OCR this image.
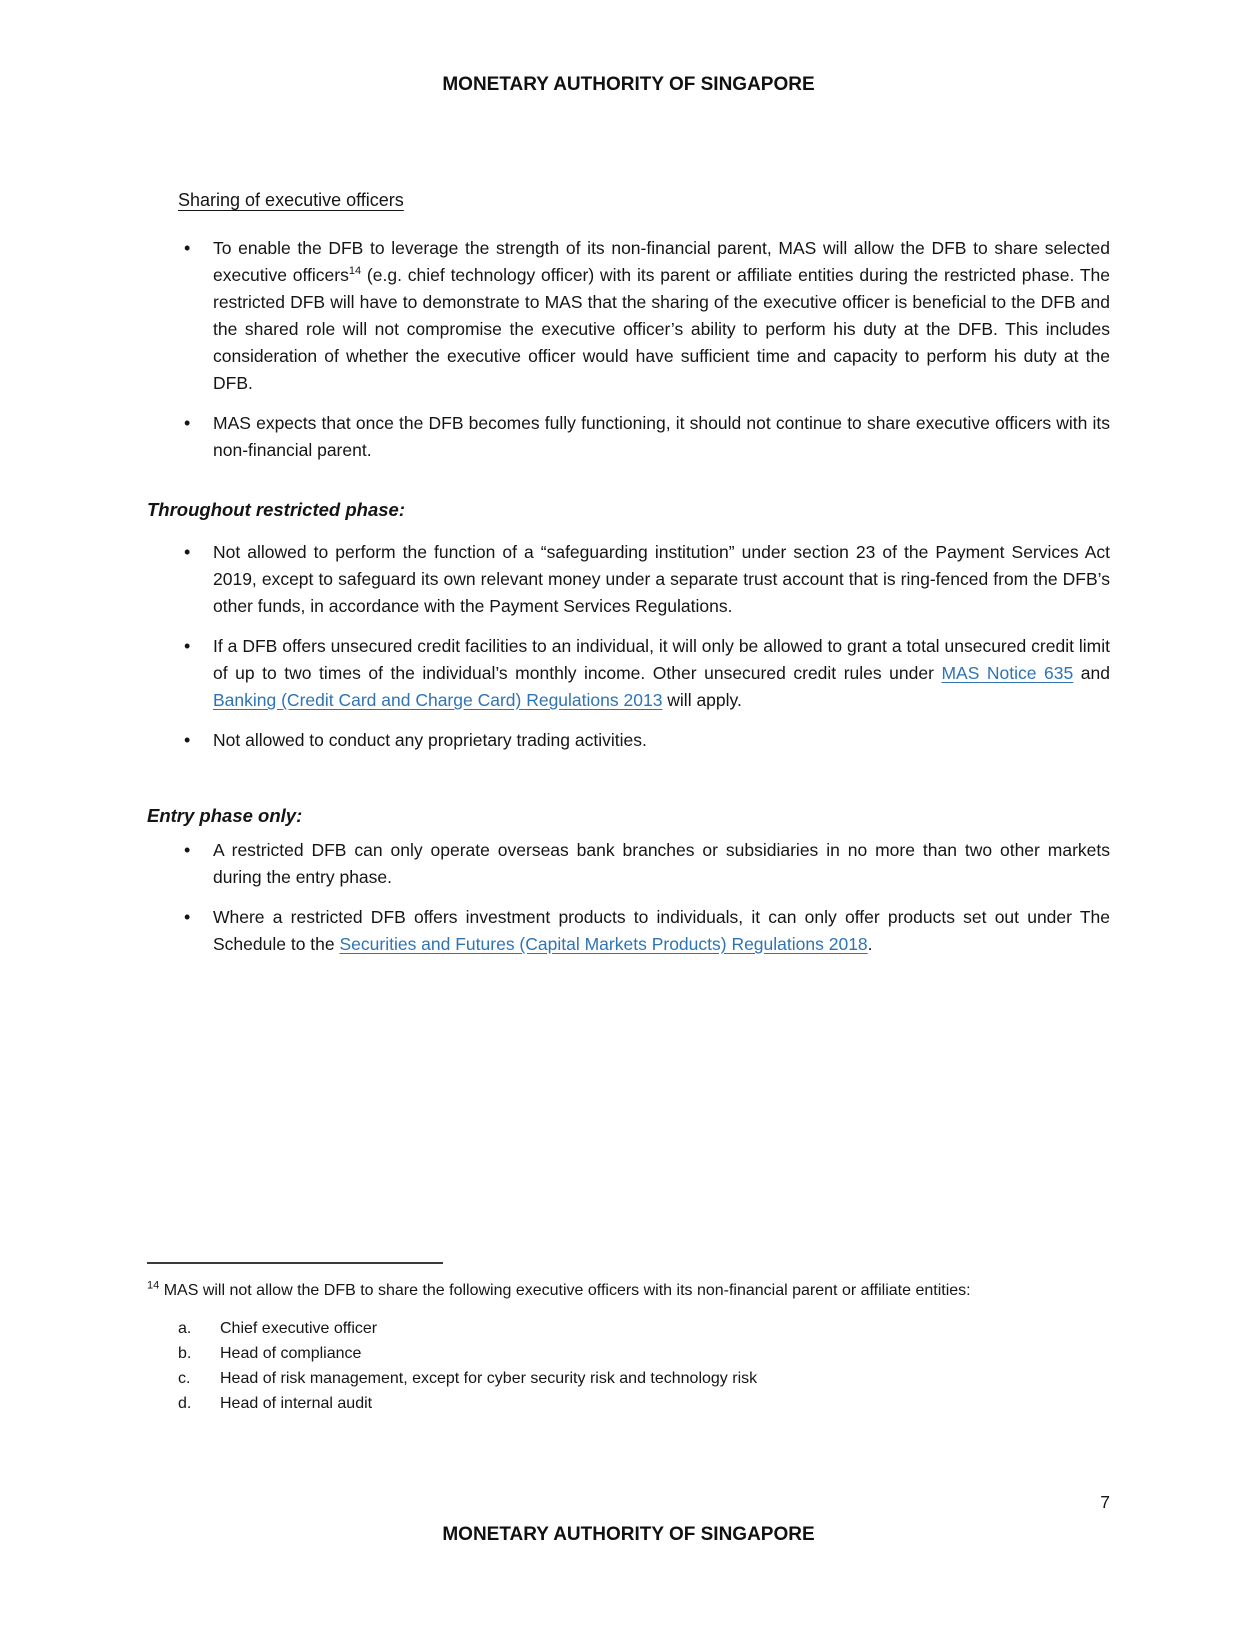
MONETARY AUTHORITY OF SINGAPORE
Sharing of executive officers
• To enable the DFB to leverage the strength of its non-financial parent, MAS will allow the DFB to share selected executive officers$^{14}$ (e.g. chief technology officer) with its parent or affiliate entities during the restricted phase. The restricted DFB will have to demonstrate to MAS that the sharing of the executive officer is beneficial to the DFB and the shared role will not compromise the executive officer’s ability to perform his duty at the DFB. This includes consideration of whether the executive officer would have sufficient time and capacity to perform his duty at the DFB.
• MAS expects that once the DFB becomes fully functioning, it should not continue to share executive officers with its non-financial parent.
Throughout restricted phase:
• Not allowed to perform the function of a “safeguarding institution” under section 23 of the Payment Services Act 2019, except to safeguard its own relevant money under a separate trust account that is ring-fenced from the DFB’s other funds, in accordance with the Payment Services Regulations.
• If a DFB offers unsecured credit facilities to an individual, it will only be allowed to grant a total unsecured credit limit of up to two times of the individual’s monthly income. Other unsecured credit rules under MAS Notice 635 and Banking (Credit Card and Charge Card) Regulations 2013 will apply.
• Not allowed to conduct any proprietary trading activities.
Entry phase only:
• A restricted DFB can only operate overseas bank branches or subsidiaries in no more than two other markets during the entry phase.
• Where a restricted DFB offers investment products to individuals, it can only offer products set out under The Schedule to the Securities and Futures (Capital Markets Products) Regulations 2018.

$^{14}$ MAS will not allow the DFB to share the following executive officers with its non-financial parent or affiliate entities:

a.	Chief executive officer
b.	Head of compliance
c.	Head of risk management, except for cyber security risk and technology risk
d.	Head of internal audit
7
MONETARY AUTHORITY OF SINGAPORE
